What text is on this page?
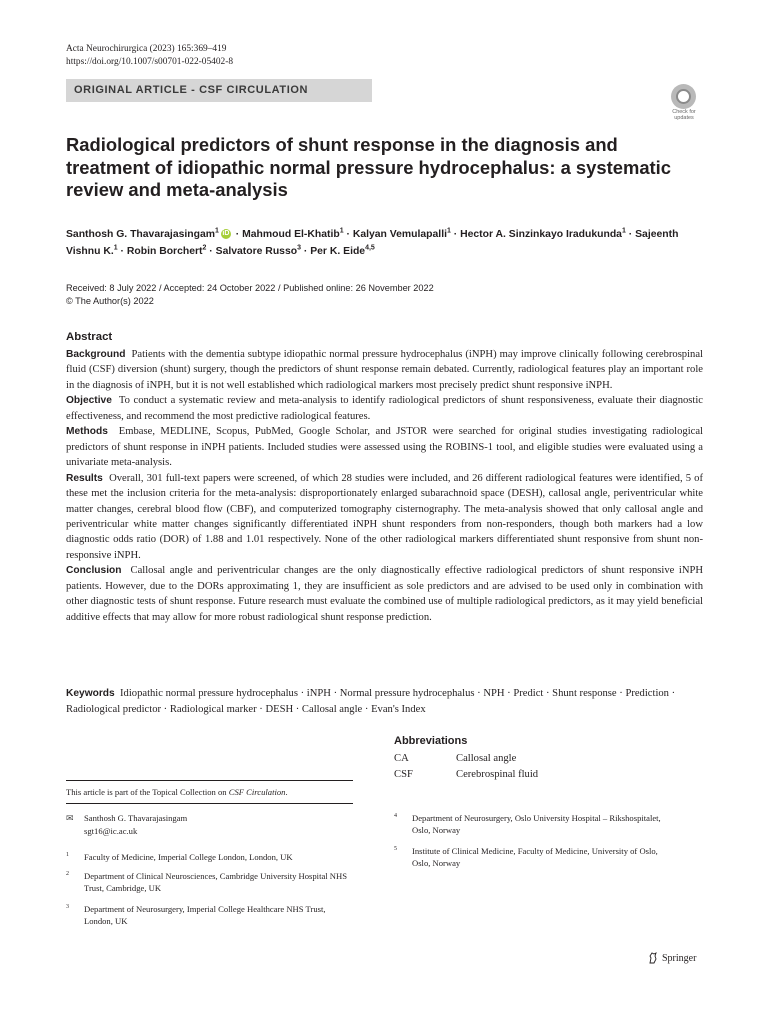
Acta Neurochirurgica (2023) 165:369–419
https://doi.org/10.1007/s00701-022-05402-8
ORIGINAL ARTICLE - CSF CIRCULATION
Check for
updates
Radiological predictors of shunt response in the diagnosis and treatment of idiopathic normal pressure hydrocephalus: a systematic review and meta-analysis
Santhosh G. Thavarajasingam$^1$ iD · Mahmoud El-Khatib$^1$ · Kalyan Vemulapalli$^1$ · Hector A. Sinzinkayo Iradukunda$^1$ · Sajeenth Vishnu K.$^1$ · Robin Borchert$^2$ · Salvatore Russo$^3$ · Per K. Eide$^{4,5}$
Received: 8 July 2022 / Accepted: 24 October 2022 / Published online: 26 November 2022
© The Author(s) 2022
Abstract

Background Patients with the dementia subtype idiopathic normal pressure hydrocephalus (iNPH) may improve clinically following cerebrospinal fluid (CSF) diversion (shunt) surgery, though the predictors of shunt response remain debated. Currently, radiological features play an important role in the diagnosis of iNPH, but it is not well established which radiological markers most precisely predict shunt responsive iNPH.

Objective To conduct a systematic review and meta-analysis to identify radiological predictors of shunt responsiveness, evaluate their diagnostic effectiveness, and recommend the most predictive radiological features.

Methods Embase, MEDLINE, Scopus, PubMed, Google Scholar, and JSTOR were searched for original studies investigating radiological predictors of shunt response in iNPH patients. Included studies were assessed using the ROBINS-1 tool, and eligible studies were evaluated using a univariate meta-analysis.

Results Overall, 301 full-text papers were screened, of which 28 studies were included, and 26 different radiological features were identified, 5 of these met the inclusion criteria for the meta-analysis: disproportionately enlarged subarachnoid space (DESH), callosal angle, periventricular white matter changes, cerebral blood flow (CBF), and computerized tomography cisternography. The meta-analysis showed that only callosal angle and periventricular white matter changes significantly differentiated iNPH shunt responders from non-responders, though both markers had a low diagnostic odds ratio (DOR) of 1.88 and 1.01 respectively. None of the other radiological markers differentiated shunt responsive from shunt non-responsive iNPH.

Conclusion Callosal angle and periventricular changes are the only diagnostically effective radiological predictors of shunt responsive iNPH patients. However, due to the DORs approximating 1, they are insufficient as sole predictors and are advised to be used only in combination with other diagnostic tests of shunt response. Future research must evaluate the combined use of multiple radiological predictors, as it may yield beneficial additive effects that may allow for more robust radiological shunt response prediction.

Keywords Idiopathic normal pressure hydrocephalus · iNPH · Normal pressure hydrocephalus · NPH · Predict · Shunt response · Prediction · Radiological predictor · Radiological marker · DESH · Callosal angle · Evan's Index
Abbreviations
CA	Callosal angle
CSF	Cerebrospinal fluid
This article is part of the Topical Collection on CSF Circulation.
✉	Santhosh G. Thavarajasingam
sgt16@ic.ac.uk
1	Faculty of Medicine, Imperial College London, London, UK
2	Department of Clinical Neurosciences, Cambridge University Hospital NHS Trust, Cambridge, UK
3	Department of Neurosurgery, Imperial College Healthcare NHS Trust, London, UK
4	Department of Neurosurgery, Oslo University Hospital – Rikshospitalet, Oslo, Norway
5	Institute of Clinical Medicine, Faculty of Medicine, University of Oslo, Oslo, Norway
Springer
